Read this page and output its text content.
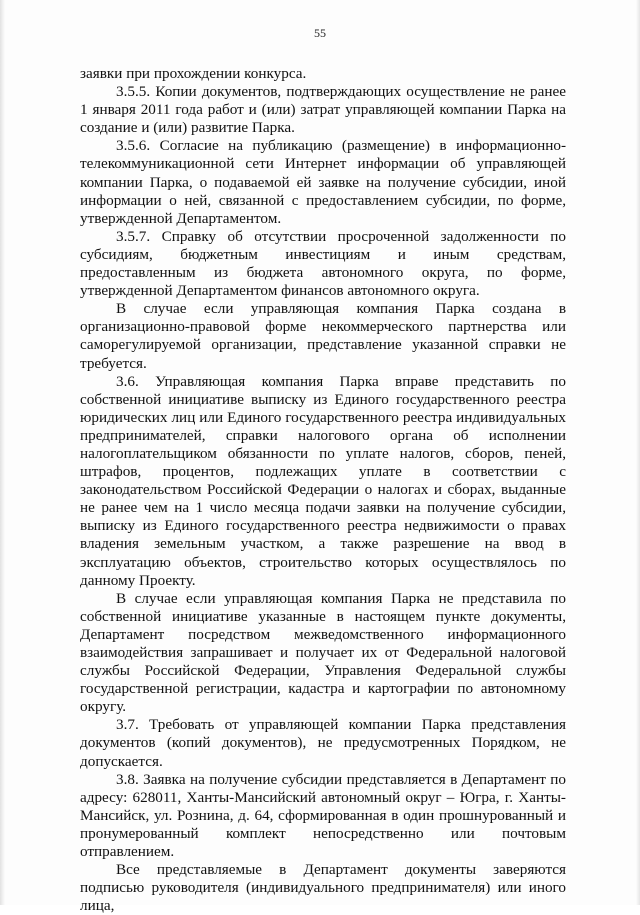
55

заявки при прохождении конкурса.

3.5.5. Копии документов, подтверждающих осуществление не ранее 1 января 2011 года работ и (или) затрат управляющей компании Парка на создание и (или) развитие Парка.

3.5.6. Согласие на публикацию (размещение) в информационно-телекоммуникационной сети Интернет информации об управляющей компании Парка, о подаваемой ей заявке на получение субсидии, иной информации о ней, связанной с предоставлением субсидии, по форме, утвержденной Департаментом.

3.5.7. Справку об отсутствии просроченной задолженности по субсидиям, бюджетным инвестициям и иным средствам, предоставленным из бюджета автономного округа, по форме, утвержденной Департаментом финансов автономного округа.

В случае если управляющая компания Парка создана в организационно-правовой форме некоммерческого партнерства или саморегулируемой организации, представление указанной справки не требуется.

3.6. Управляющая компания Парка вправе представить по собственной инициативе выписку из Единого государственного реестра юридических лиц или Единого государственного реестра индивидуальных предпринимателей, справки налогового органа об исполнении налогоплательщиком обязанности по уплате налогов, сборов, пеней, штрафов, процентов, подлежащих уплате в соответствии с законодательством Российской Федерации о налогах и сборах, выданные не ранее чем на 1 число месяца подачи заявки на получение субсидии, выписку из Единого государственного реестра недвижимости о правах владения земельным участком, а также разрешение на ввод в эксплуатацию объектов, строительство которых осуществлялось по данному Проекту.

В случае если управляющая компания Парка не представила по собственной инициативе указанные в настоящем пункте документы, Департамент посредством межведомственного информационного взаимодействия запрашивает и получает их от Федеральной налоговой службы Российской Федерации, Управления Федеральной службы государственной регистрации, кадастра и картографии по автономному округу.

3.7. Требовать от управляющей компании Парка представления документов (копий документов), не предусмотренных Порядком, не допускается.

3.8. Заявка на получение субсидии представляется в Департамент по адресу: 628011, Ханты-Мансийский автономный округ – Югра, г. Ханты-Мансийск, ул. Рознина, д. 64, сформированная в один прошнурованный и пронумерованный комплект непосредственно или почтовым отправлением.

Все представляемые в Департамент документы заверяются подписью руководителя (индивидуального предпринимателя) или иного лица,
